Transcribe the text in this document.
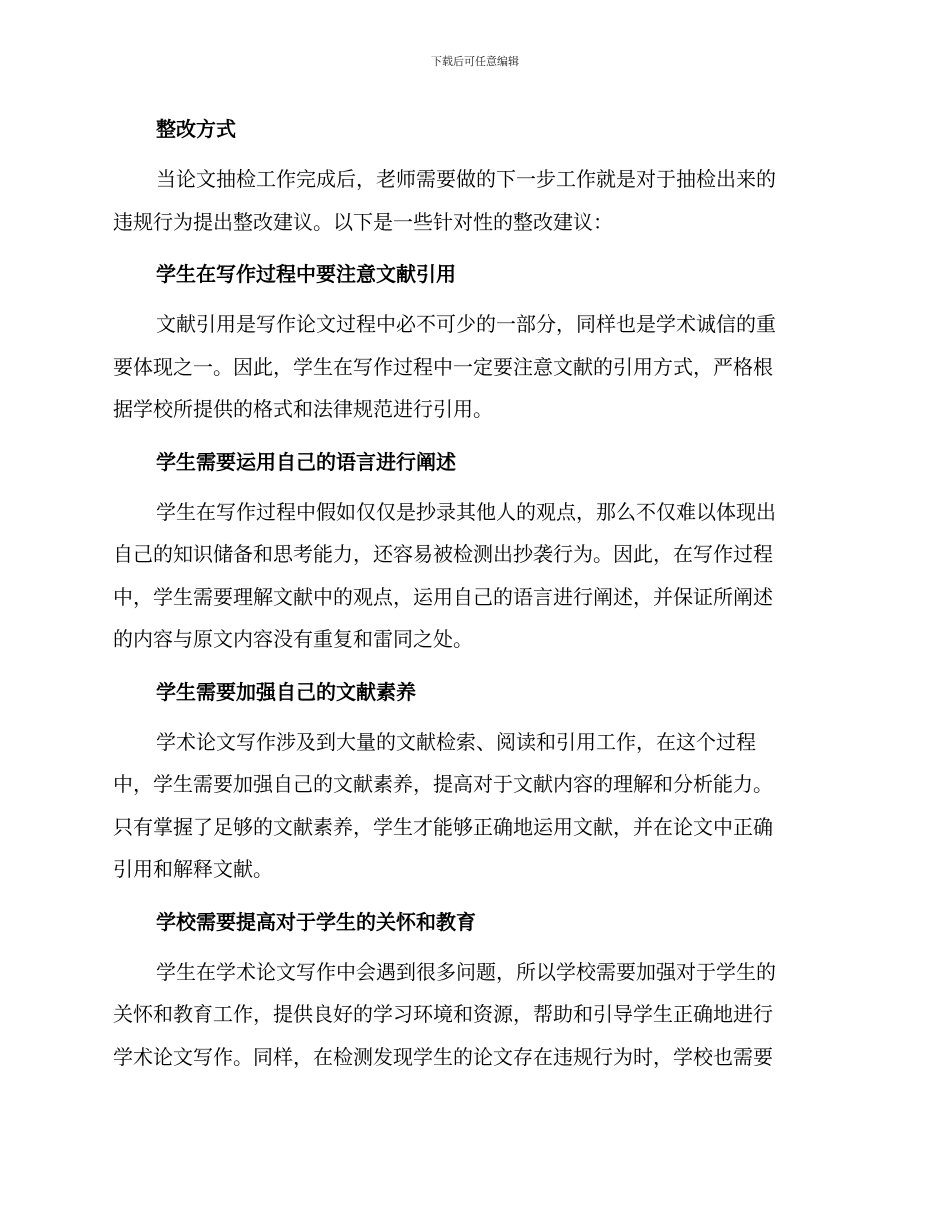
下载后可任意编辑
整改方式
当论文抽检工作完成后，老师需要做的下一步工作就是对于抽检出来的
违规行为提出整改建议。以下是一些针对性的整改建议：
学生在写作过程中要注意文献引用
文献引用是写作论文过程中必不可少的一部分，同样也是学术诚信的重
要体现之一。因此，学生在写作过程中一定要注意文献的引用方式，严格根
据学校所提供的格式和法律规范进行引用。
学生需要运用自己的语言进行阐述
学生在写作过程中假如仅仅是抄录其他人的观点，那么不仅难以体现出
自己的知识储备和思考能力，还容易被检测出抄袭行为。因此，在写作过程
中，学生需要理解文献中的观点，运用自己的语言进行阐述，并保证所阐述
的内容与原文内容没有重复和雷同之处。
学生需要加强自己的文献素养
学术论文写作涉及到大量的文献检索、阅读和引用工作，在这个过程
中，学生需要加强自己的文献素养，提高对于文献内容的理解和分析能力。
只有掌握了足够的文献素养，学生才能够正确地运用文献，并在论文中正确
引用和解释文献。
学校需要提高对于学生的关怀和教育
学生在学术论文写作中会遇到很多问题，所以学校需要加强对于学生的
关怀和教育工作，提供良好的学习环境和资源，帮助和引导学生正确地进行
学术论文写作。同样，在检测发现学生的论文存在违规行为时，学校也需要
